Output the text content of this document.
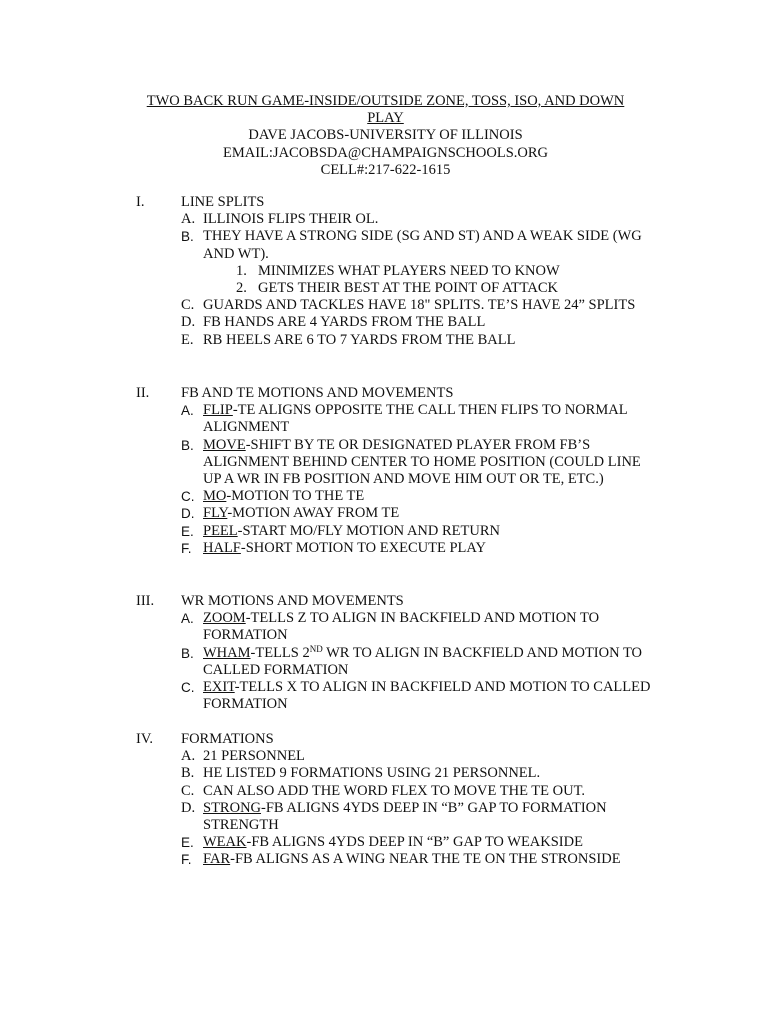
TWO BACK RUN GAME-INSIDE/OUTSIDE ZONE, TOSS, ISO, AND DOWN
PLAY
DAVE JACOBS-UNIVERSITY OF ILLINOIS
EMAIL:JACOBSDA@CHAMPAIGNSCHOOLS.ORG
CELL#:217-622-1615
I.	LINE SPLITS
A. ILLINOIS FLIPS THEIR OL.
B. THEY HAVE A STRONG SIDE (SG AND ST) AND A WEAK SIDE (WG AND WT).
1. MINIMIZES WHAT PLAYERS NEED TO KNOW
2. GETS THEIR BEST AT THE POINT OF ATTACK
C. GUARDS AND TACKLES HAVE 18" SPLITS. TE’S HAVE 24” SPLITS
D. FB HANDS ARE 4 YARDS FROM THE BALL
E. RB HEELS ARE 6 TO 7 YARDS FROM THE BALL
II.	FB AND TE MOTIONS AND MOVEMENTS
A. FLIP-TE ALIGNS OPPOSITE THE CALL THEN FLIPS TO NORMAL ALIGNMENT
B. MOVE-SHIFT BY TE OR DESIGNATED PLAYER FROM FB’S ALIGNMENT BEHIND CENTER TO HOME POSITION (COULD LINE UP A WR IN FB POSITION AND MOVE HIM OUT OR TE, ETC.)
C. MO-MOTION TO THE TE
D. FLY-MOTION AWAY FROM TE
E. PEEL-START MO/FLY MOTION AND RETURN
F. HALF-SHORT MOTION TO EXECUTE PLAY
III.	WR MOTIONS AND MOVEMENTS
A. ZOOM-TELLS Z TO ALIGN IN BACKFIELD AND MOTION TO FORMATION
B. WHAM-TELLS 2ND WR TO ALIGN IN BACKFIELD AND MOTION TO CALLED FORMATION
C. EXIT-TELLS X TO ALIGN IN BACKFIELD AND MOTION TO CALLED FORMATION
IV.	FORMATIONS
A. 21 PERSONNEL
B. HE LISTED 9 FORMATIONS USING 21 PERSONNEL.
C. CAN ALSO ADD THE WORD FLEX TO MOVE THE TE OUT.
D. STRONG-FB ALIGNS 4YDS DEEP IN “B” GAP TO FORMATION STRENGTH
E. WEAK-FB ALIGNS 4YDS DEEP IN “B” GAP TO WEAKSIDE
F. FAR-FB ALIGNS AS A WING NEAR THE TE ON THE STRONSIDE
